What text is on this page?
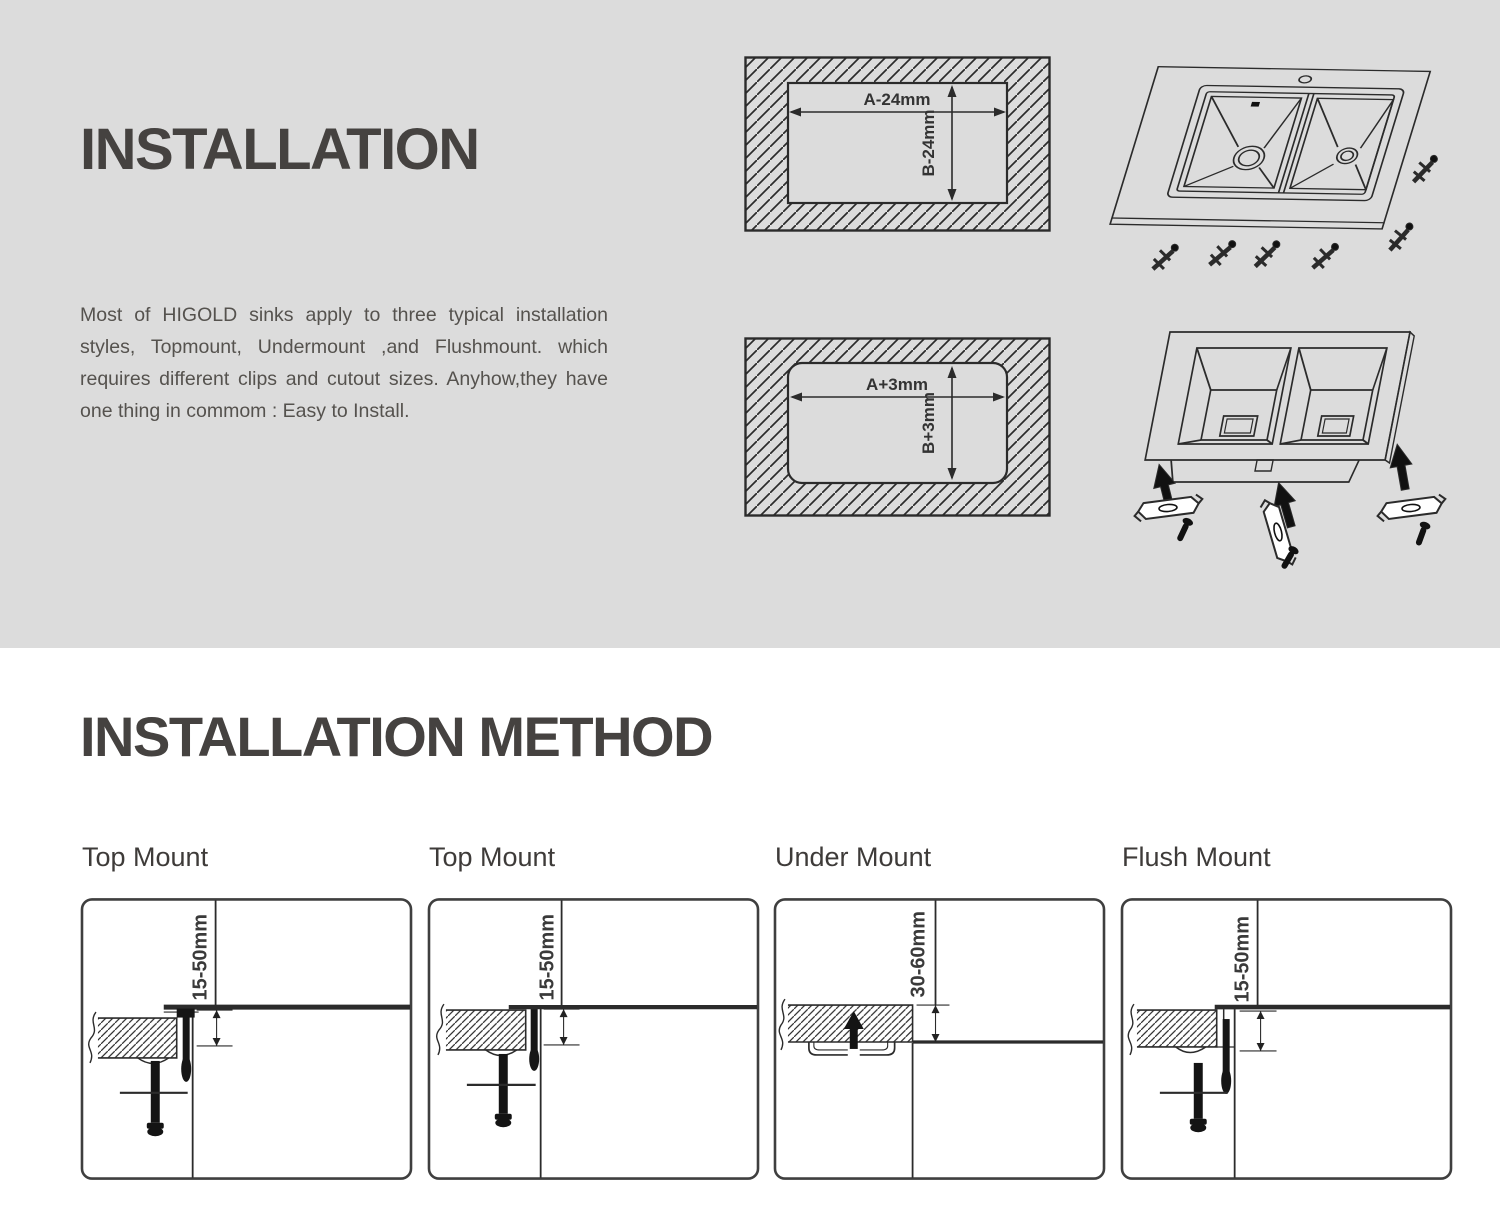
INSTALLATION

Most of HIGOLD sinks apply to three typical installation styles, Topmount, Undermount ,and Flushmount. which requires different clips and cutout sizes. Anyhow,they have one thing in commom : Easy to Install.

A-24mm
B-24mm
A+3mm
B+3mm
INSTALLATION METHOD

Top Mount	Top Mount	Under Mount	Flush Mount

15-50mm	15-50mm	30-60mm	15-50mm
